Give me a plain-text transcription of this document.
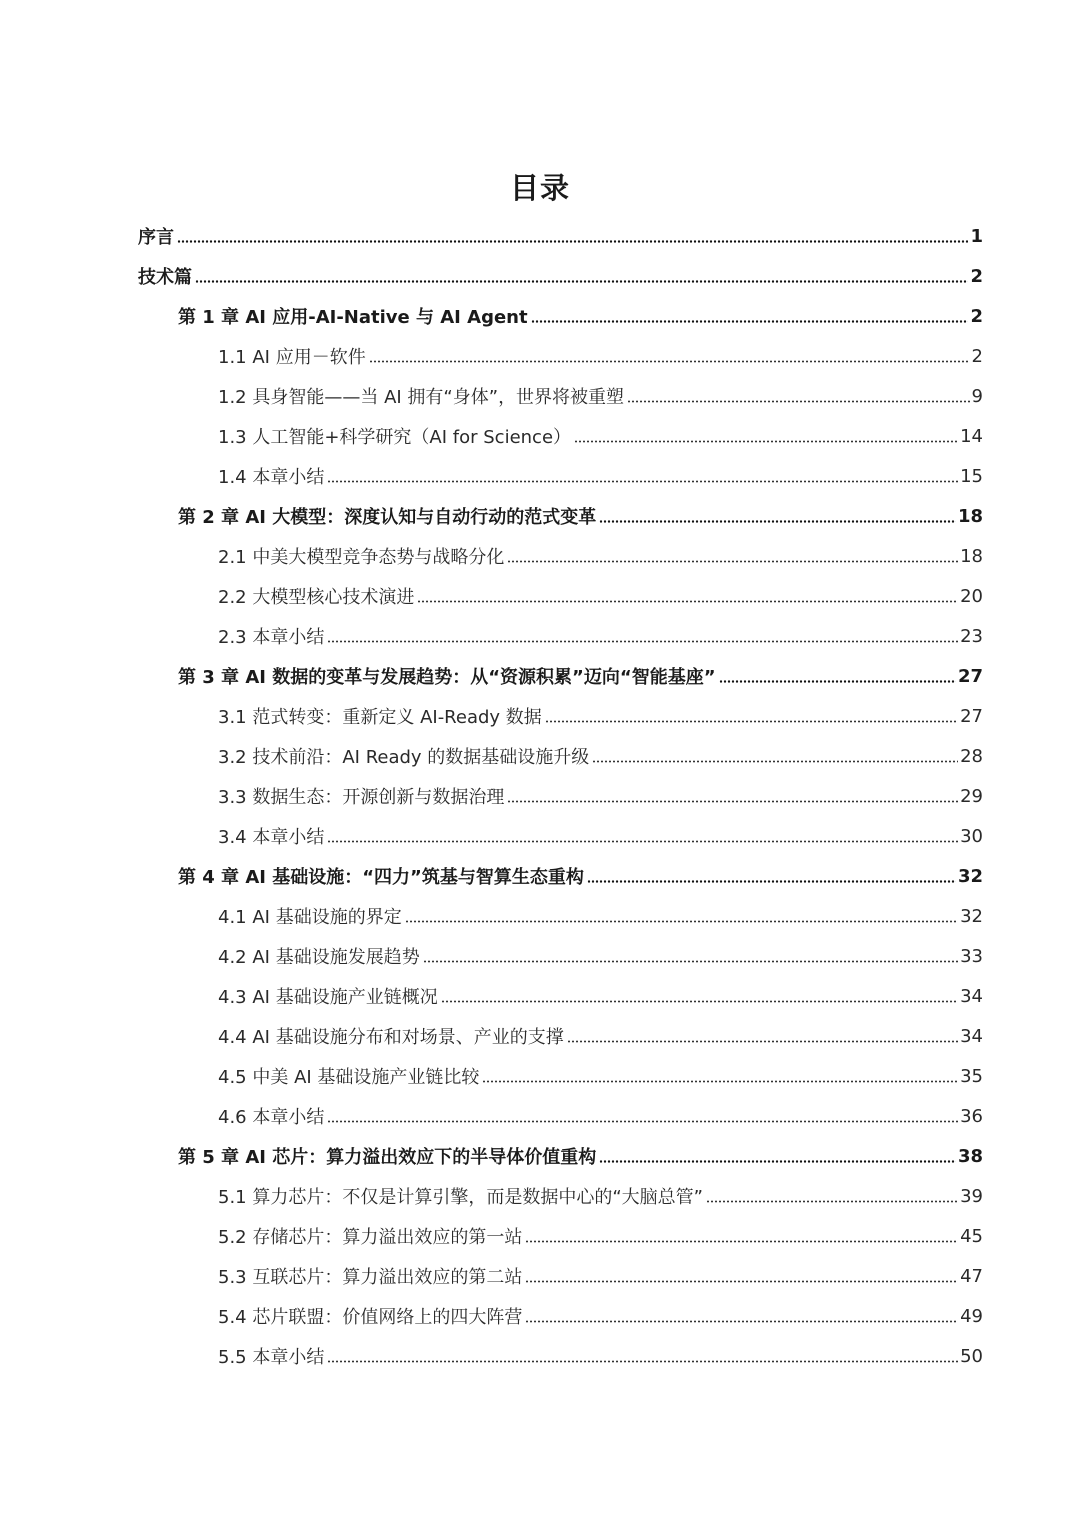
目录
序言	1
技术篇	2
第 1 章 AI 应用-AI-Native 与 AI Agent	2
1.1 AI 应用－软件	2
1.2 具身智能——当 AI 拥有“身体”，世界将被重塑	9
1.3 人工智能+科学研究（AI for Science）	14
1.4 本章小结	15
第 2 章 AI 大模型：深度认知与自动行动的范式变革	18
2.1 中美大模型竞争态势与战略分化	18
2.2 大模型核心技术演进	20
2.3 本章小结	23
第 3 章 AI 数据的变革与发展趋势：从“资源积累”迈向“智能基座”	27
3.1 范式转变：重新定义 AI-Ready 数据	27
3.2 技术前沿：AI Ready 的数据基础设施升级	28
3.3 数据生态：开源创新与数据治理	29
3.4 本章小结	30
第 4 章 AI 基础设施：“四力”筑基与智算生态重构	32
4.1 AI 基础设施的界定	32
4.2 AI 基础设施发展趋势	33
4.3 AI 基础设施产业链概况	34
4.4 AI 基础设施分布和对场景、产业的支撑	34
4.5 中美 AI 基础设施产业链比较	35
4.6 本章小结	36
第 5 章 AI 芯片：算力溢出效应下的半导体价值重构	38
5.1 算力芯片：不仅是计算引擎，而是数据中心的“大脑总管”	39
5.2 存储芯片：算力溢出效应的第一站	45
5.3 互联芯片：算力溢出效应的第二站	47
5.4 芯片联盟：价值网络上的四大阵营	49
5.5 本章小结	50
